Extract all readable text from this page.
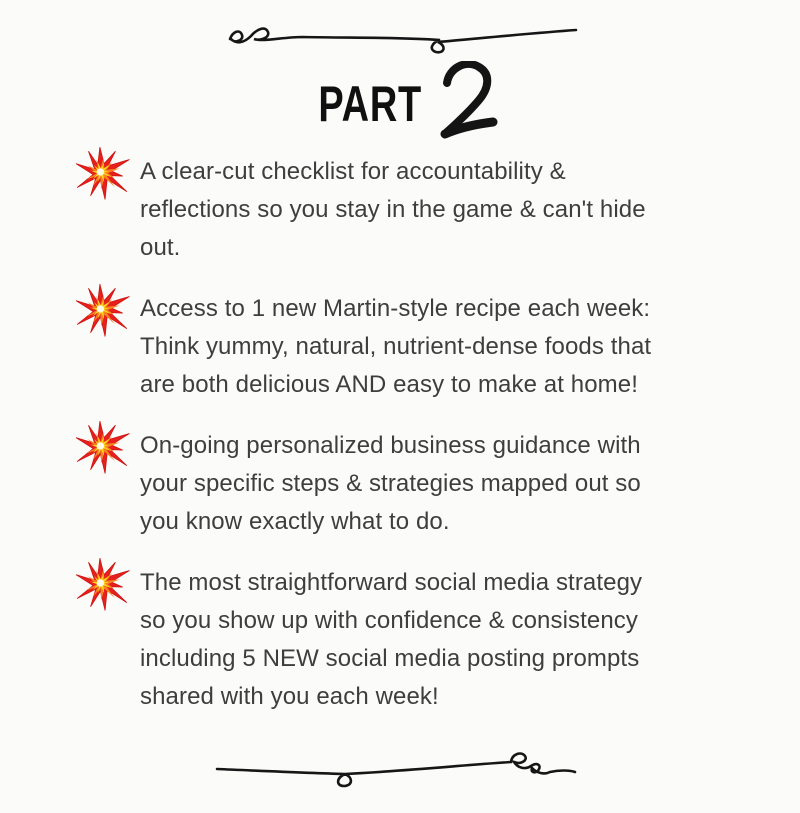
PART
A clear-cut checklist for accountability &
reflections so you stay in the game & can't hide
out.
Access to 1 new Martin-style recipe each week:
Think yummy, natural, nutrient-dense foods that
are both delicious AND easy to make at home!
On-going personalized business guidance with
your specific steps & strategies mapped out so
you know exactly what to do.
The most straightforward social media strategy
so you show up with confidence & consistency
including 5 NEW social media posting prompts
shared with you each week!
